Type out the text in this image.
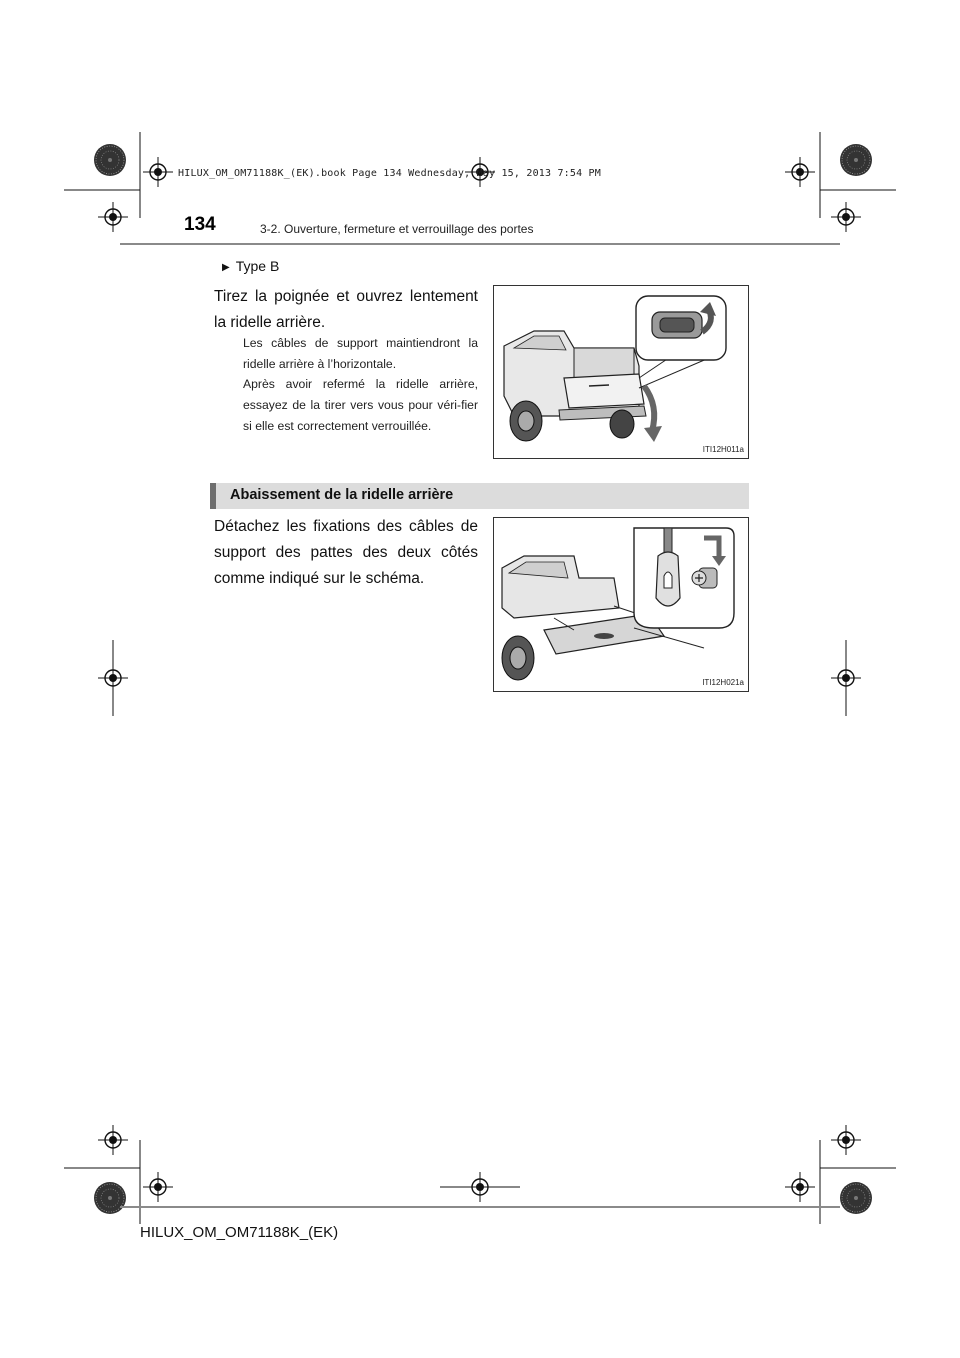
HILUX_OM_OM71188K_(EK).book Page 134 Wednesday, May 15, 2013 7:54 PM
134	3-2. Ouverture, fermeture et verrouillage des portes
▶ Type B
Tirez la poignée et ouvrez lentement la ridelle arrière.
Les câbles de support maintiendront la ridelle arrière à l’horizontale.
Après avoir refermé la ridelle arrière, essayez de la tirer vers vous pour véri-fier si elle est correctement verrouillée.
ITI12H011a
Abaissement de la ridelle arrière
Détachez les fixations des câbles de support des pattes des deux côtés comme indiqué sur le schéma.
ITI12H021a
HILUX_OM_OM71188K_(EK)
